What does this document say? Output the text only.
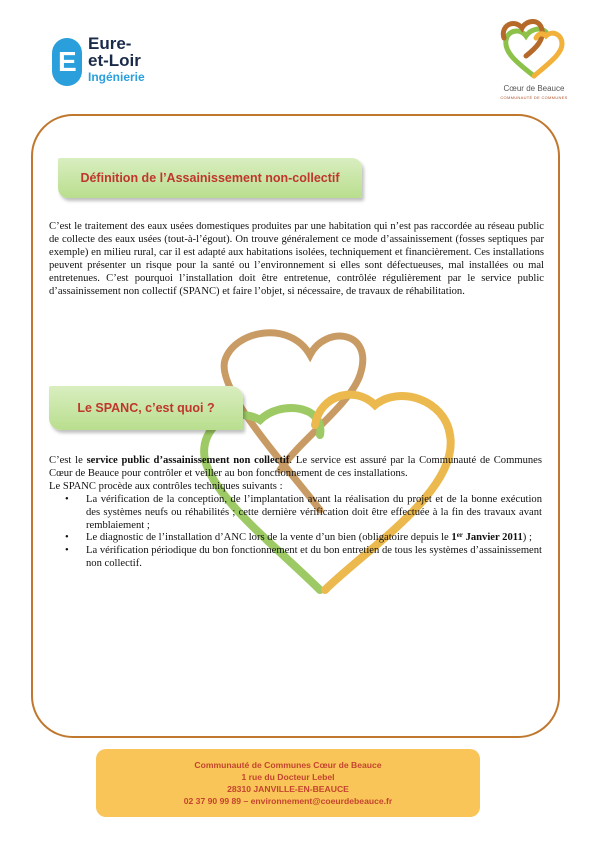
E
Eure-
et-Loir
Ingénierie
Cœur de Beauce
COMMUNAUTÉ DE COMMUNES
Définition de l’Assainissement non-collectif
C’est le traitement des eaux usées domestiques produites par une habitation qui n’est pas raccordée au réseau public de collecte des eaux usées (tout-à-l’égout). On trouve généralement ce mode d’assainissement (fosses septiques par exemple) en milieu rural, car il est adapté aux habitations isolées, techniquement et financièrement. Ces installations peuvent présenter un risque pour la santé ou l’environnement si elles sont défectueuses, mal installées ou mal entretenues. C’est pourquoi l’installation doit être entretenue, contrôlée régulièrement par le service public d’assainissement non collectif (SPANC) et faire l’objet, si nécessaire, de travaux de réhabilitation.
Le SPANC, c’est quoi ?
C’est le service public d’assainissement non collectif. Le service est assuré par la Communauté de Communes Cœur de Beauce pour contrôler et veiller au bon fonctionnement de ces installations.
Le SPANC procède aux contrôles techniques suivants :
• La vérification de la conception, de l’implantation avant la réalisation du projet et de la bonne exécution des systèmes neufs ou réhabilités ; cette dernière vérification doit être effectuée à la fin des travaux avant remblaiement ;
• Le diagnostic de l’installation d’ANC lors de la vente d’un bien (obligatoire depuis le 1er Janvier 2011) ;
• La vérification périodique du bon fonctionnement et du bon entretien de tous les systèmes d’assainissement non collectif.
Communauté de Communes Cœur de Beauce
1 rue du Docteur Lebel
28310 JANVILLE-EN-BEAUCE
02 37 90 99 89 – environnement@coeurdebeauce.fr
